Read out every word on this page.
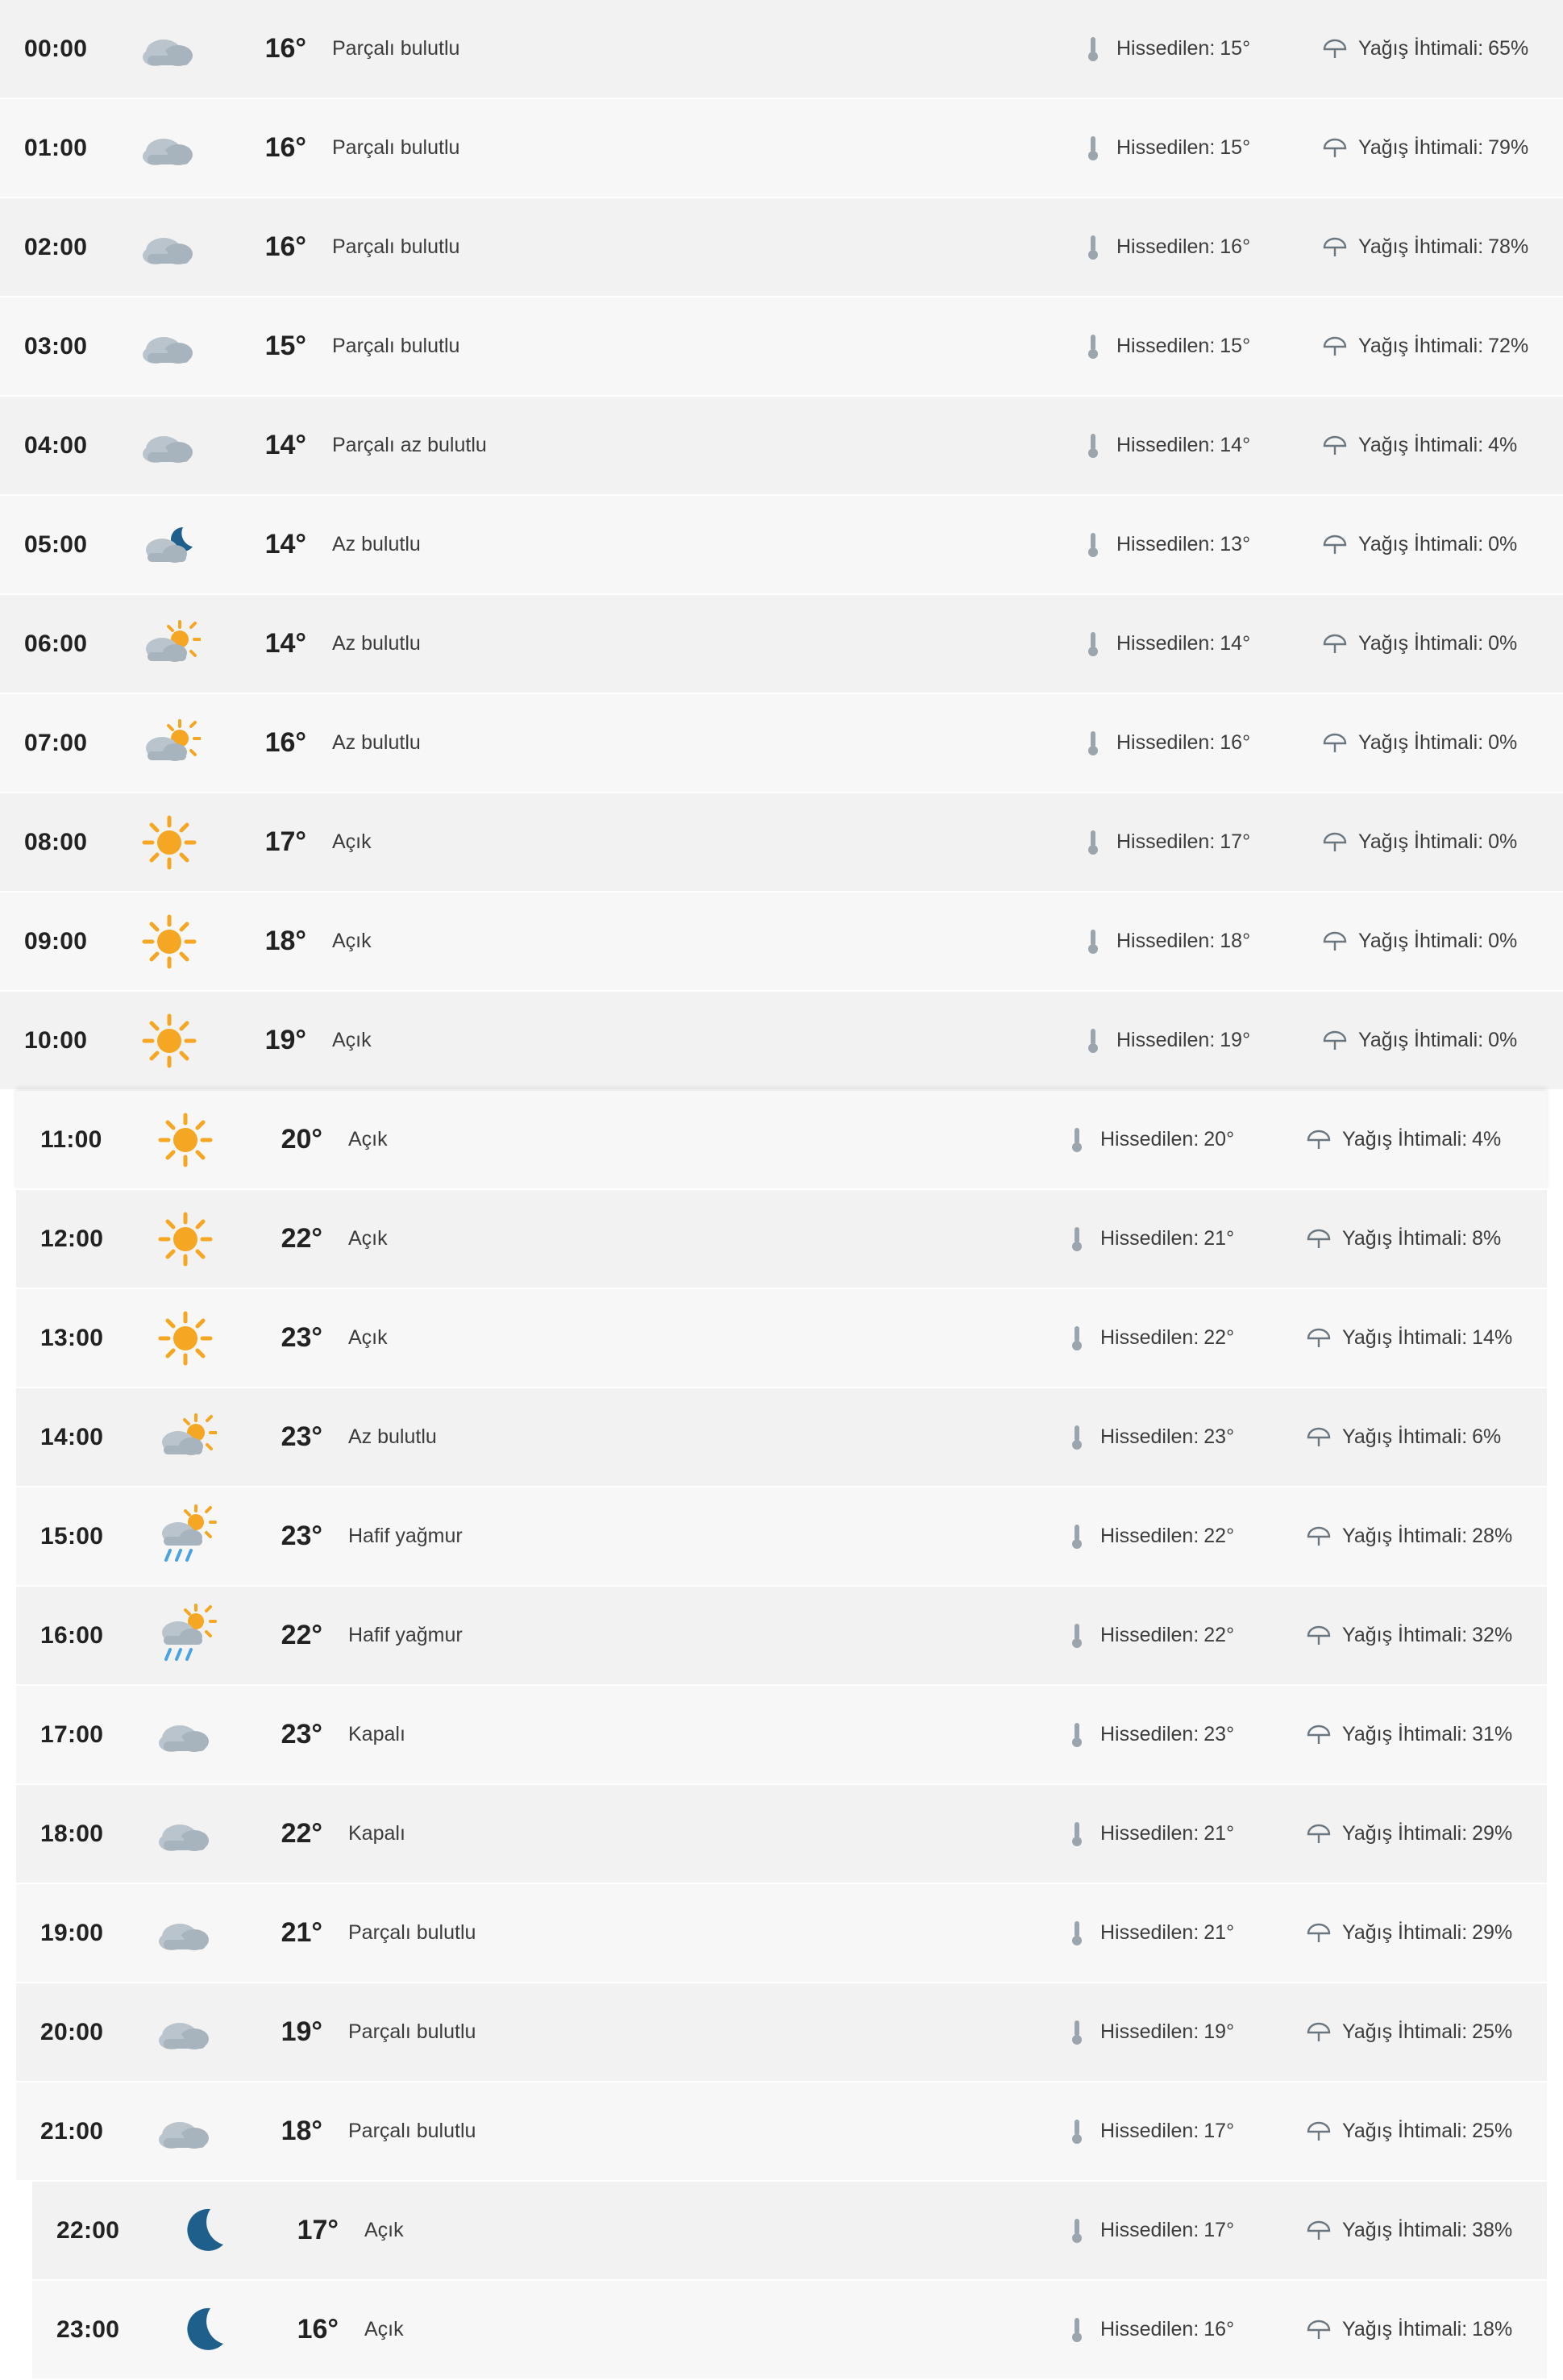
00:00	16°	Parçalı bulutlu	Hissedilen: 15°	Yağış İhtimali: 65%
01:00	16°	Parçalı bulutlu	Hissedilen: 15°	Yağış İhtimali: 79%
02:00	16°	Parçalı bulutlu	Hissedilen: 16°	Yağış İhtimali: 78%
03:00	15°	Parçalı bulutlu	Hissedilen: 15°	Yağış İhtimali: 72%
04:00	14°	Parçalı az bulutlu	Hissedilen: 14°	Yağış İhtimali: 4%
05:00	14°	Az bulutlu	Hissedilen: 13°	Yağış İhtimali: 0%
06:00	14°	Az bulutlu	Hissedilen: 14°	Yağış İhtimali: 0%
07:00	16°	Az bulutlu	Hissedilen: 16°	Yağış İhtimali: 0%
08:00	17°	Açık	Hissedilen: 17°	Yağış İhtimali: 0%
09:00	18°	Açık	Hissedilen: 18°	Yağış İhtimali: 0%
10:00	19°	Açık	Hissedilen: 19°	Yağış İhtimali: 0%
11:00	20°	Açık	Hissedilen: 20°	Yağış İhtimali: 4%
12:00	22°	Açık	Hissedilen: 21°	Yağış İhtimali: 8%
13:00	23°	Açık	Hissedilen: 22°	Yağış İhtimali: 14%
14:00	23°	Az bulutlu	Hissedilen: 23°	Yağış İhtimali: 6%
15:00	23°	Hafif yağmur	Hissedilen: 22°	Yağış İhtimali: 28%
16:00	22°	Hafif yağmur	Hissedilen: 22°	Yağış İhtimali: 32%
17:00	23°	Kapalı	Hissedilen: 23°	Yağış İhtimali: 31%
18:00	22°	Kapalı	Hissedilen: 21°	Yağış İhtimali: 29%
19:00	21°	Parçalı bulutlu	Hissedilen: 21°	Yağış İhtimali: 29%
20:00	19°	Parçalı bulutlu	Hissedilen: 19°	Yağış İhtimali: 25%
21:00	18°	Parçalı bulutlu	Hissedilen: 17°	Yağış İhtimali: 25%
22:00	17°	Açık	Hissedilen: 17°	Yağış İhtimali: 38%
23:00	16°	Açık	Hissedilen: 16°	Yağış İhtimali: 18%
